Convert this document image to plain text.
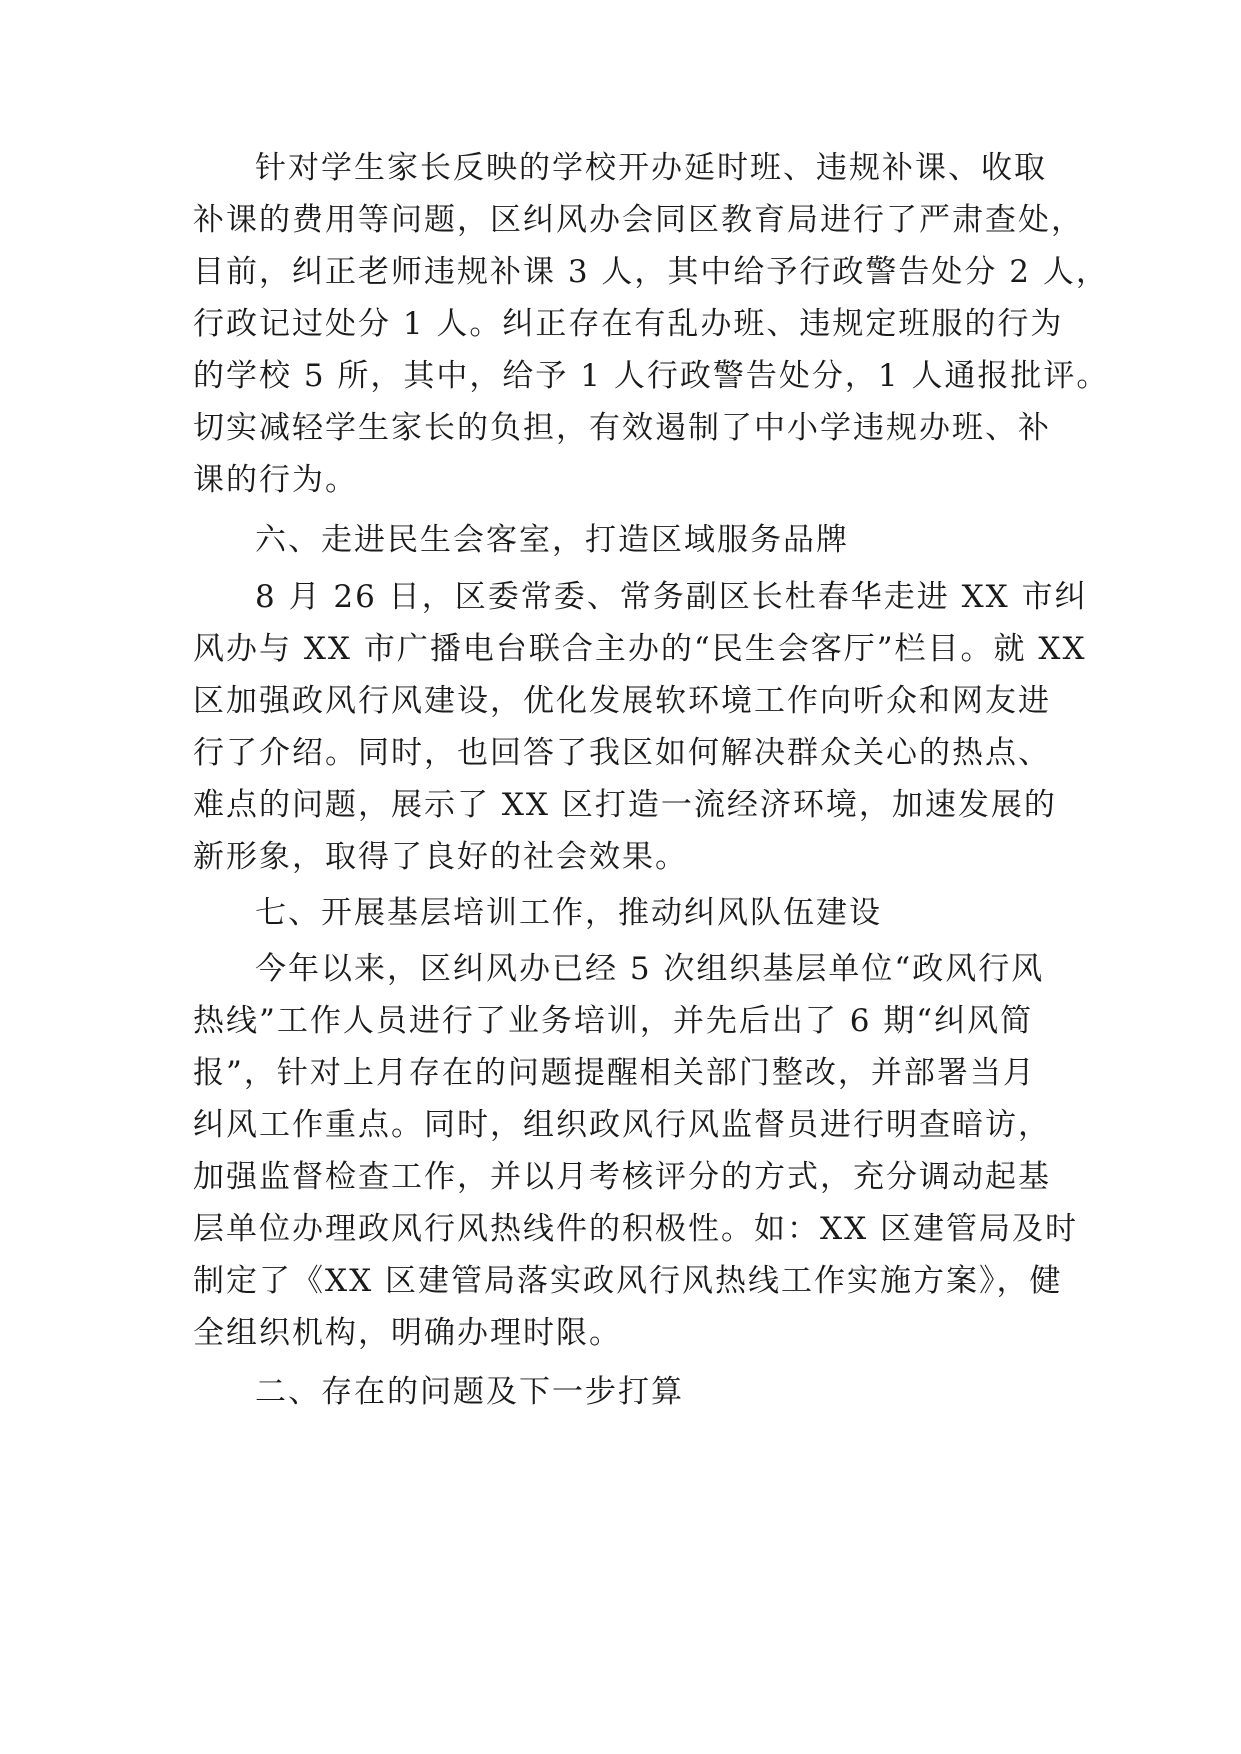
针对学生家长反映的学校开办延时班、违规补课、收取
补课的费用等问题，区纠风办会同区教育局进行了严肃查处，
目前，纠正老师违规补课 3 人，其中给予行政警告处分 2 人，
行政记过处分 1 人。纠正存在有乱办班、违规定班服的行为
的学校 5 所，其中，给予 1 人行政警告处分，1 人通报批评。
切实减轻学生家长的负担，有效遏制了中小学违规办班、补
课的行为。
六、走进民生会客室，打造区域服务品牌
8 月 26 日，区委常委、常务副区长杜春华走进 XX 市纠
风办与 XX 市广播电台联合主办的“民生会客厅”栏目。就 XX
区加强政风行风建设，优化发展软环境工作向听众和网友进
行了介绍。同时，也回答了我区如何解决群众关心的热点、
难点的问题，展示了 XX 区打造一流经济环境，加速发展的
新形象，取得了良好的社会效果。
七、开展基层培训工作，推动纠风队伍建设
今年以来，区纠风办已经 5 次组织基层单位“政风行风
热线”工作人员进行了业务培训，并先后出了 6 期“纠风简
报”，针对上月存在的问题提醒相关部门整改，并部署当月
纠风工作重点。同时，组织政风行风监督员进行明查暗访，
加强监督检查工作，并以月考核评分的方式，充分调动起基
层单位办理政风行风热线件的积极性。如：XX 区建管局及时
制定了《XX 区建管局落实政风行风热线工作实施方案》，健
全组织机构，明确办理时限。
二、存在的问题及下一步打算
